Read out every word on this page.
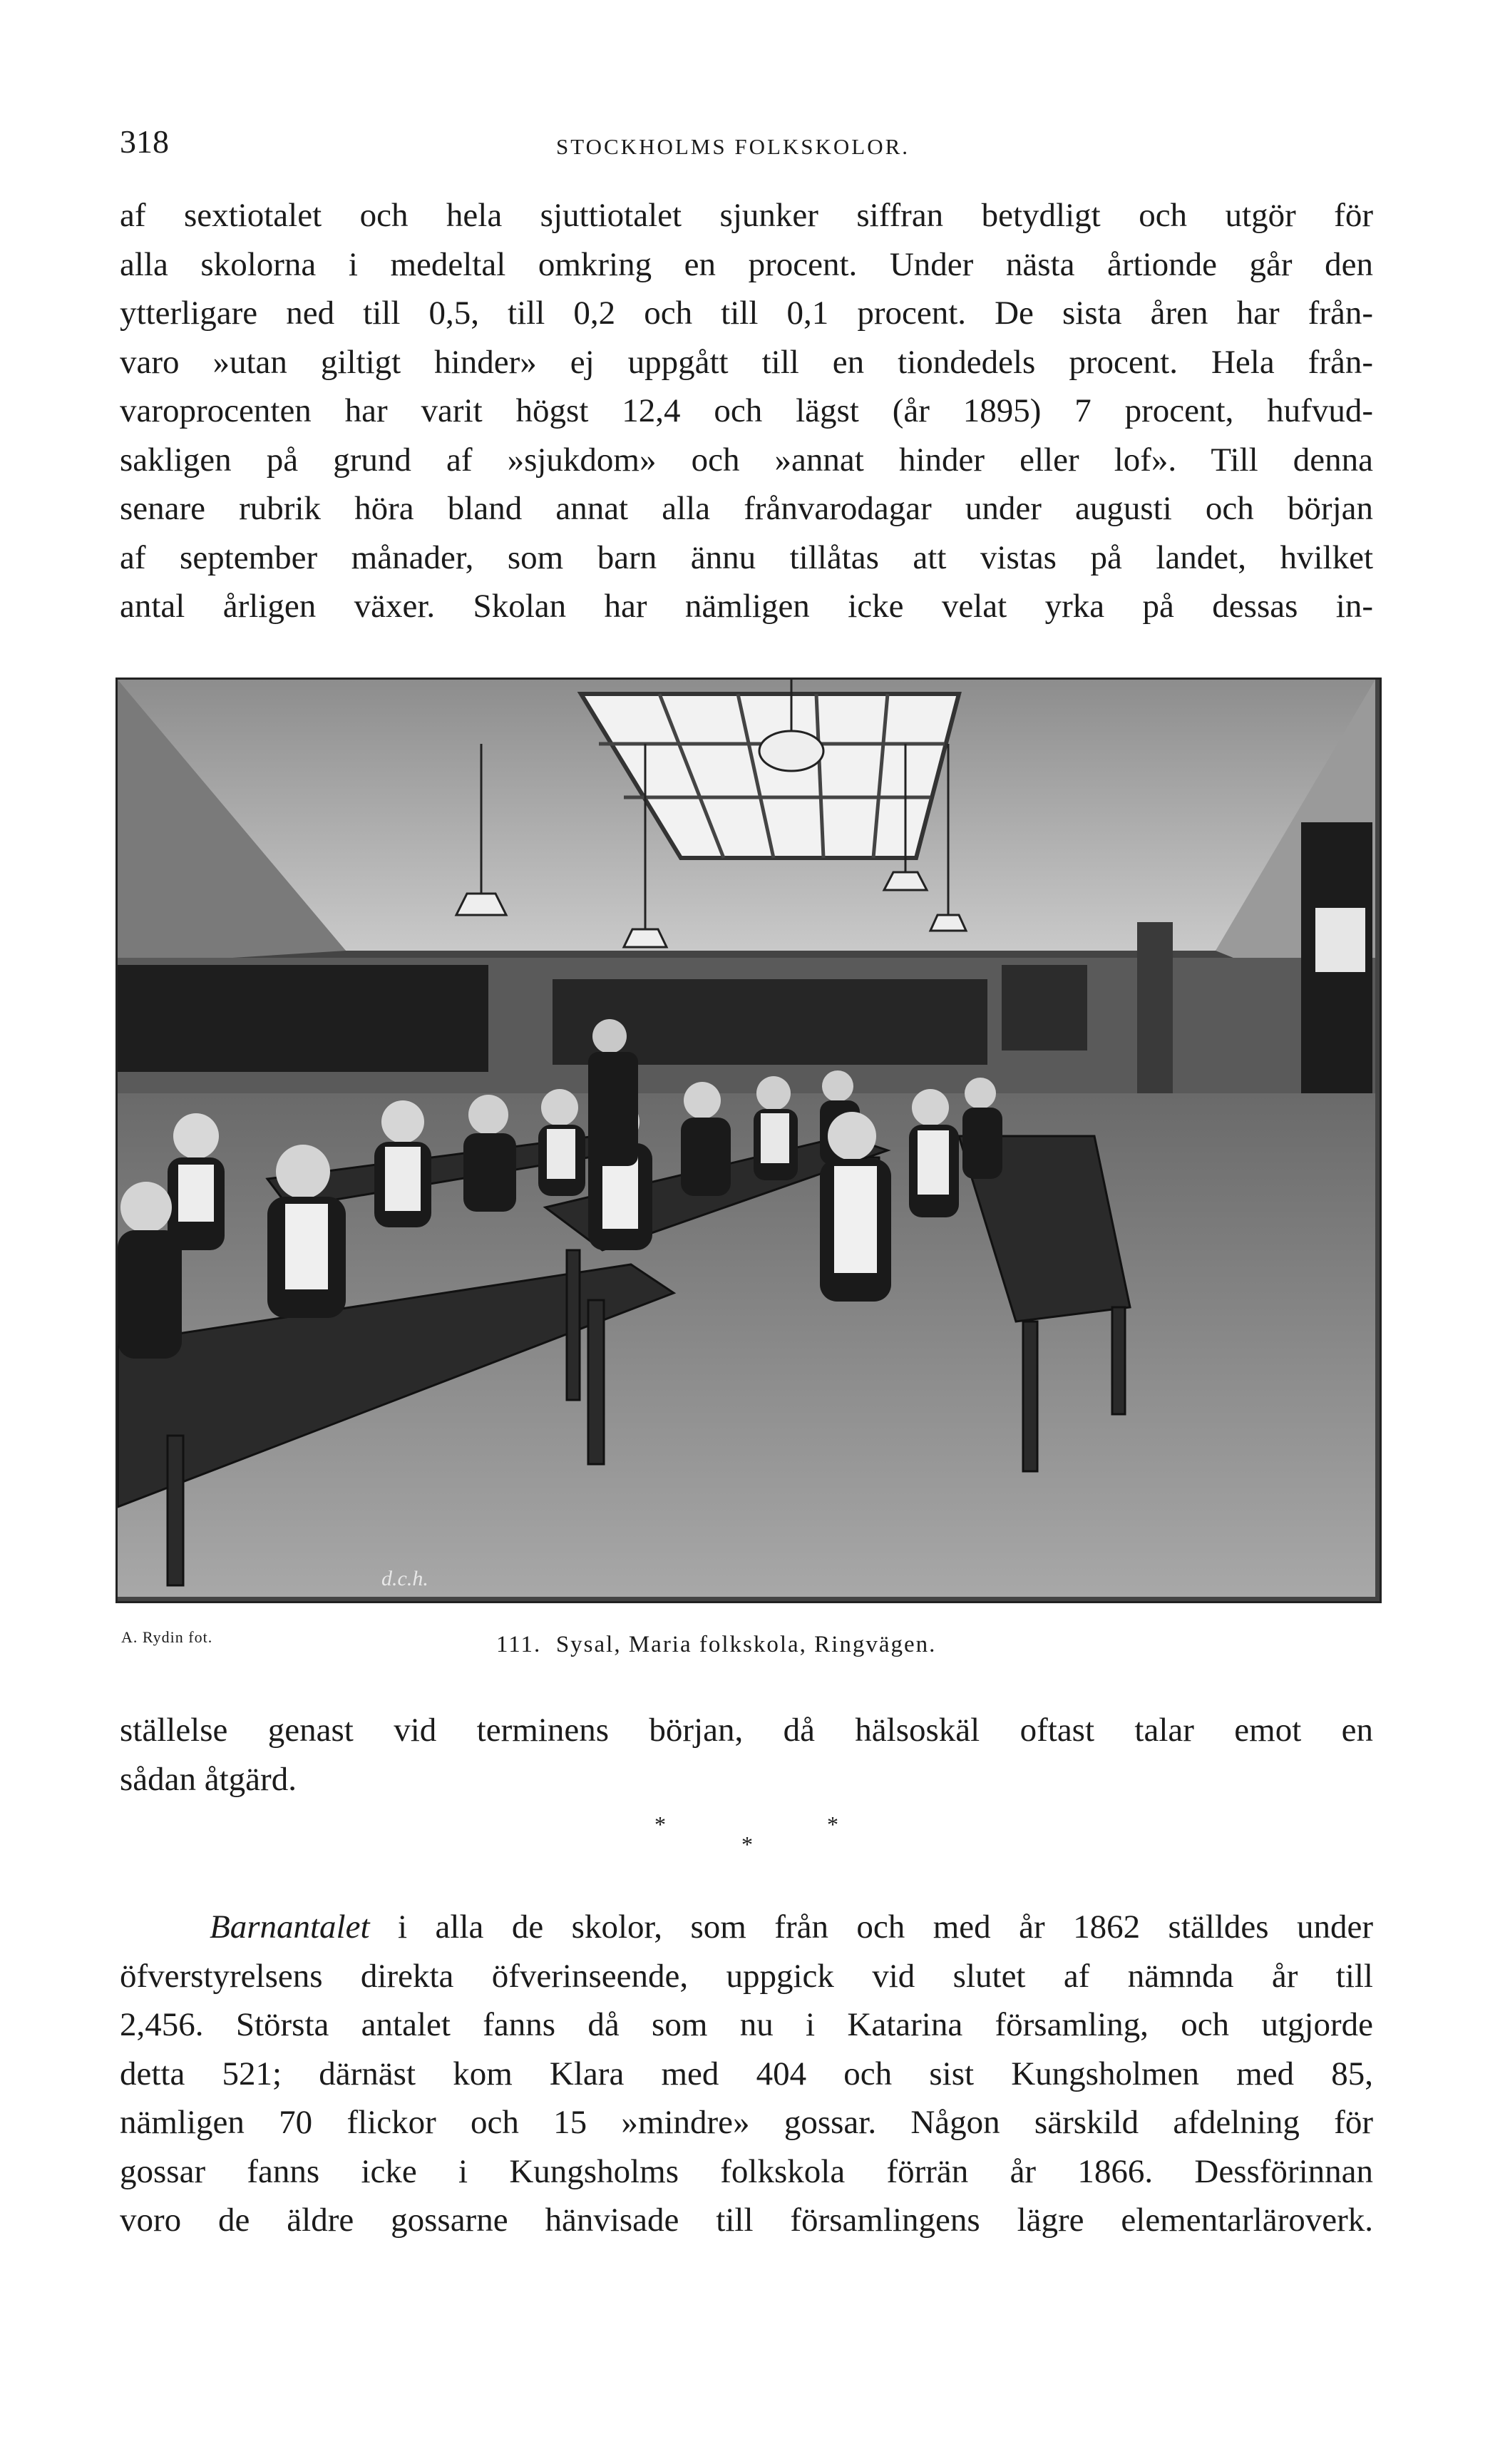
318	STOCKHOLMS FOLKSKOLOR.
af sextiotalet och hela sjuttiotalet sjunker siffran betydligt och utgör för
alla skolorna i medeltal omkring en procent. Under nästa årtionde går den
ytterligare ned till 0,5, till 0,2 och till 0,1 procent. De sista åren har från-
varo »utan giltigt hinder» ej uppgått till en tiondedels procent. Hela från-
varoprocenten har varit högst 12,4 och lägst (år 1895) 7 procent, hufvud-
sakligen på grund af »sjukdom» och »annat hinder eller lof». Till denna
senare rubrik höra bland annat alla frånvarodagar under augusti och början
af september månader, som barn ännu tillåtas att vistas på landet, hvilket
antal årligen växer. Skolan har nämligen icke velat yrka på dessas in-
d.c.h.
A. Rydin fot.	111. Sysal, Maria folkskola, Ringvägen.
ställelse genast vid terminens början, då hälsoskäl oftast talar emot en
sådan åtgärd.
*	*
*
Barnantalet i alla de skolor, som från och med år 1862 ställdes under
öfverstyrelsens direkta öfverinseende, uppgick vid slutet af nämnda år till
2,456. Största antalet fanns då som nu i Katarina församling, och utgjorde
detta 521; därnäst kom Klara med 404 och sist Kungsholmen med 85,
nämligen 70 flickor och 15 »mindre» gossar. Någon särskild afdelning för
gossar fanns icke i Kungsholms folkskola förrän år 1866. Dessförinnan
voro de äldre gossarne hänvisade till församlingens lägre elementarläroverk.
